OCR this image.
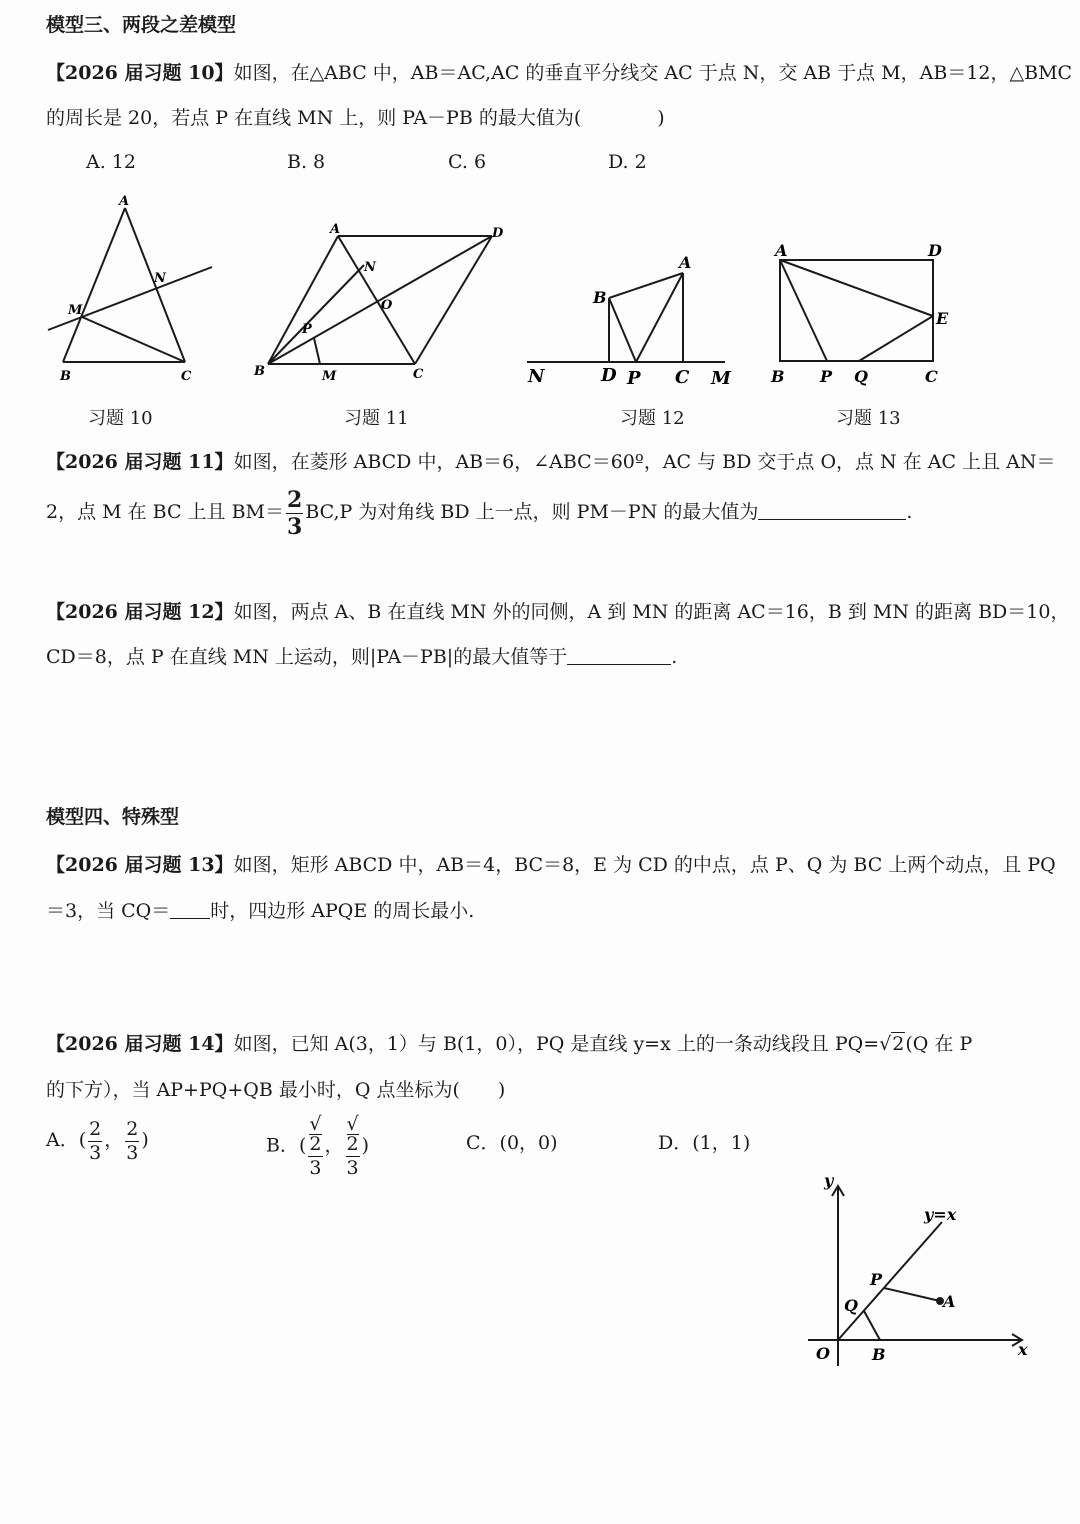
模型三、两段之差模型
【2026 届习题 10】如图，在△ABC 中，AB＝AC,AC 的垂直平分线交 AC 于点 N，交 AB 于点 M，AB＝12，△BMC
的周长是 20，若点 P 在直线 MN 上，则 PA－PB 的最大值为(　　　　)
A. 12	B. 8	C. 6	D. 2
A
N
M
B	C
A	D
N
O
P
B	M	C
A
B
N	D P C M
A	D
E
B P Q	C
习题 10	习题 11	习题 12	习题 13
【2026 届习题 11】如图，在菱形 ABCD 中，AB＝6，∠ABC＝60º，AC 与 BD 交于点 O，点 N 在 AC 上且 AN＝
2，点 M 在 BC 上且 $BM= \frac{2}{3} BC,P$ 为对角线 BD 上一点，则 PM－PN 的最大值为	.
【2026 届习题 12】如图，两点 A、B 在直线 MN 外的同侧，A 到 MN 的距离 AC＝16，B 到 MN 的距离 BD＝10，
CD＝8，点 P 在直线 MN 上运动，则|PA－PB|的最大值等于	.
模型四、特殊型
【2026 届习题 13】如图，矩形 ABCD 中，AB＝4，BC＝8，E 为 CD 的中点，点 P、Q 为 BC 上两个动点，且 PQ
＝3，当 CQ＝ 时，四边形 APQE 的周长最小.
【2026 届习题 14】如图，已知 A(3，1）与 B(1，0），PQ 是直线 y=x 上的一条动线段且 PQ=√2(Q 在 P
的下方），当 AP+PQ+QB 最小时，Q 点坐标为(　　)
A．( $\frac{2}{3}$ ， $\frac{2}{3}$ )	B．( √
2
3 ， √
2
3 )	C．(0，0)	D．(1，1)
y
y=x
P
A
Q
O	B	x
